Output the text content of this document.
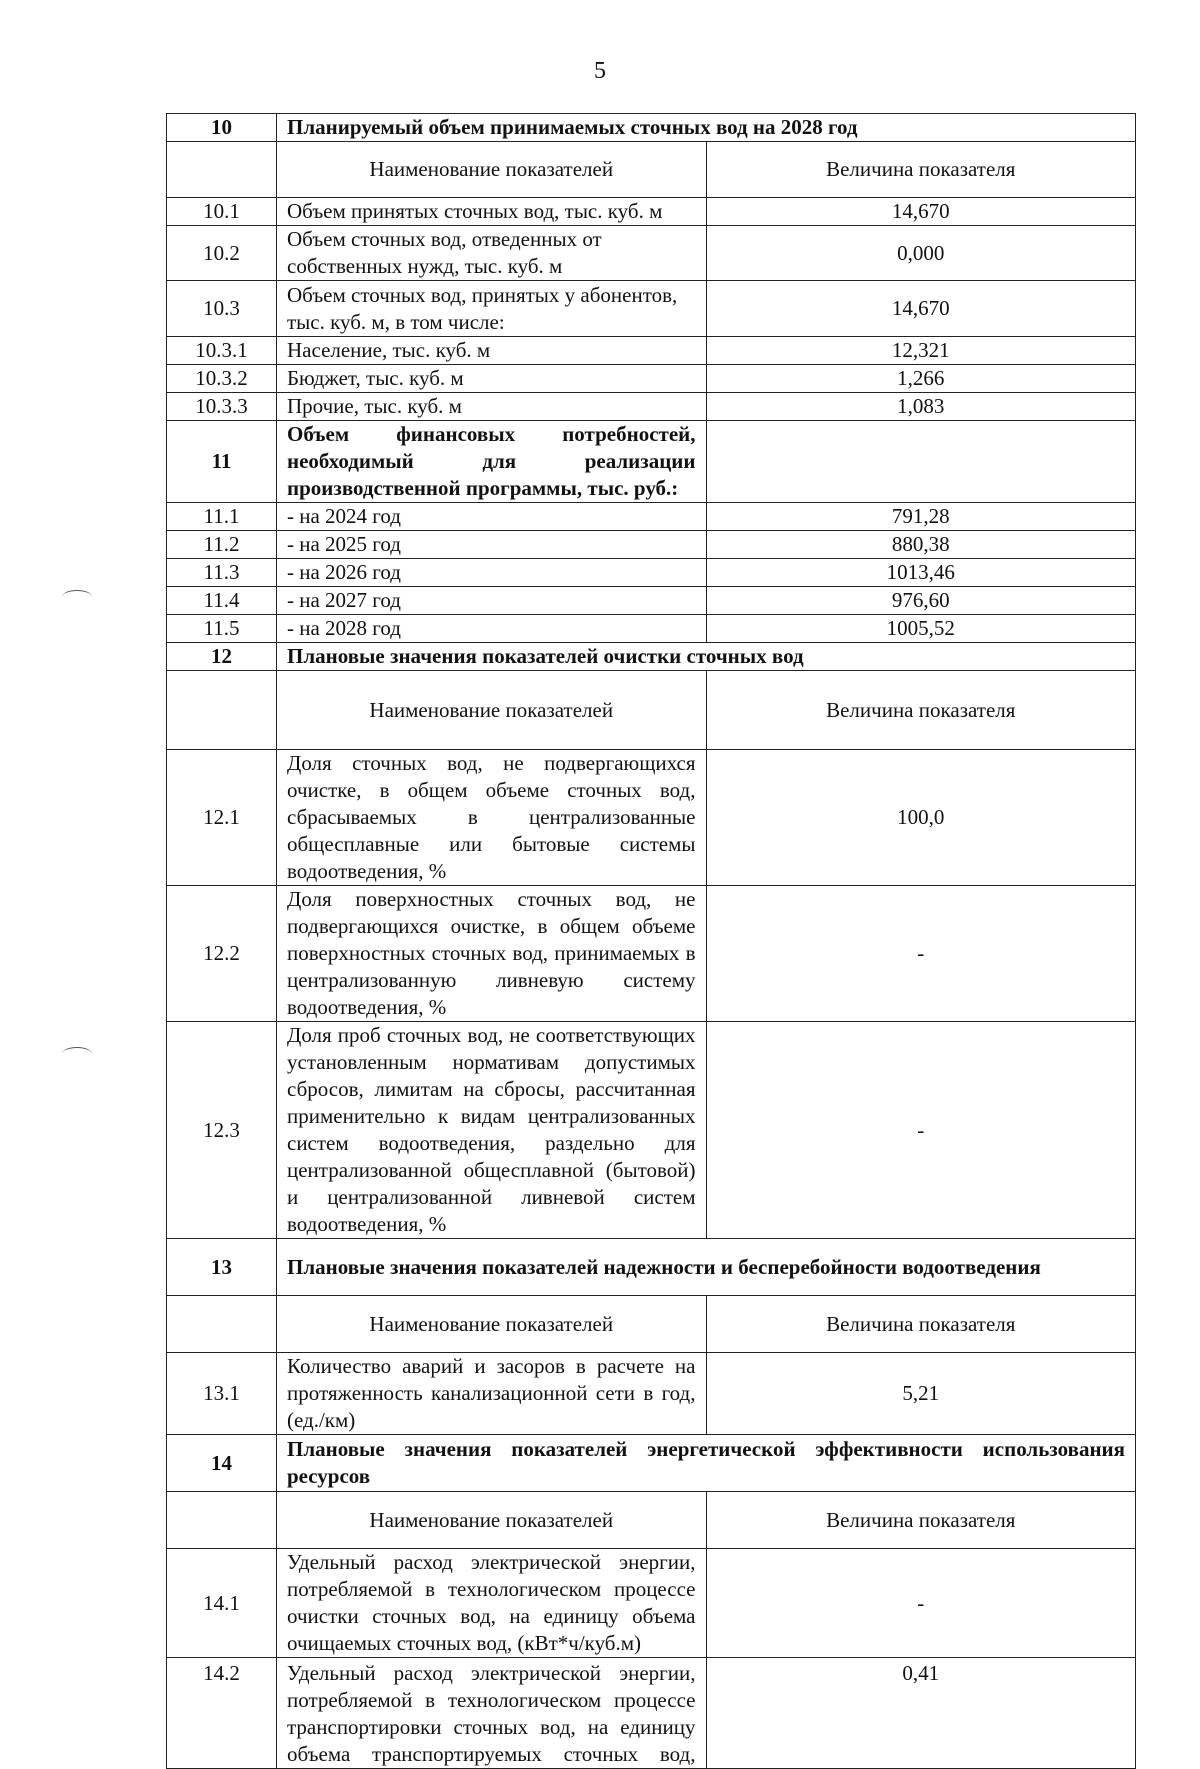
5
10	Планируемый объем принимаемых сточных вод на 2028 год	
	Наименование показателей	Величина показателя
10.1	Объем принятых сточных вод, тыс. куб. м	14,670
10.2	Объем сточных вод, отведенных от собственных нужд, тыс. куб. м	0,000
10.3	Объем сточных вод, принятых у абонентов, тыс. куб. м, в том числе:	14,670
10.3.1	Население, тыс. куб. м	12,321
10.3.2	Бюджет, тыс. куб. м	1,266
10.3.3	Прочие, тыс. куб. м	1,083
11	Объем финансовых потребностей, необходимый для реализации производственной программы, тыс. руб.:	
11.1	- на 2024 год	791,28
11.2	- на 2025 год	880,38
11.3	- на 2026 год	1013,46
11.4	- на 2027 год	976,60
11.5	- на 2028 год	1005,52
12	Плановые значения показателей очистки сточных вод	
	Наименование показателей	Величина показателя
12.1	Доля сточных вод, не подвергающихся очистке, в общем объеме сточных вод, сбрасываемых в централизованные общесплавные или бытовые системы водоотведения, %	100,0
12.2	Доля поверхностных сточных вод, не подвергающихся очистке, в общем объеме поверхностных сточных вод, принимаемых в централизованную ливневую систему водоотведения, %	-
12.3	Доля проб сточных вод, не соответствующих установленным нормативам допустимых сбросов, лимитам на сбросы, рассчитанная применительно к видам централизованных систем водоотведения, раздельно для централизованной общесплавной (бытовой) и централизованной ливневой систем водоотведения, %	-
13	Плановые значения показателей надежности и бесперебойности водоотведения	
	Наименование показателей	Величина показателя
13.1	Количество аварий и засоров в расчете на протяженность канализационной сети в год, (ед./км)	5,21
14	Плановые значения показателей энергетической эффективности использования ресурсов	
	Наименование показателей	Величина показателя
14.1	Удельный расход электрической энергии, потребляемой в технологическом процессе очистки сточных вод, на единицу объема очищаемых сточных вод, (кВт*ч/куб.м)	-
14.2	Удельный расход электрической энергии, потребляемой в технологическом процессе транспортировки сточных вод, на единицу объема транспортируемых сточных вод,	0,41
